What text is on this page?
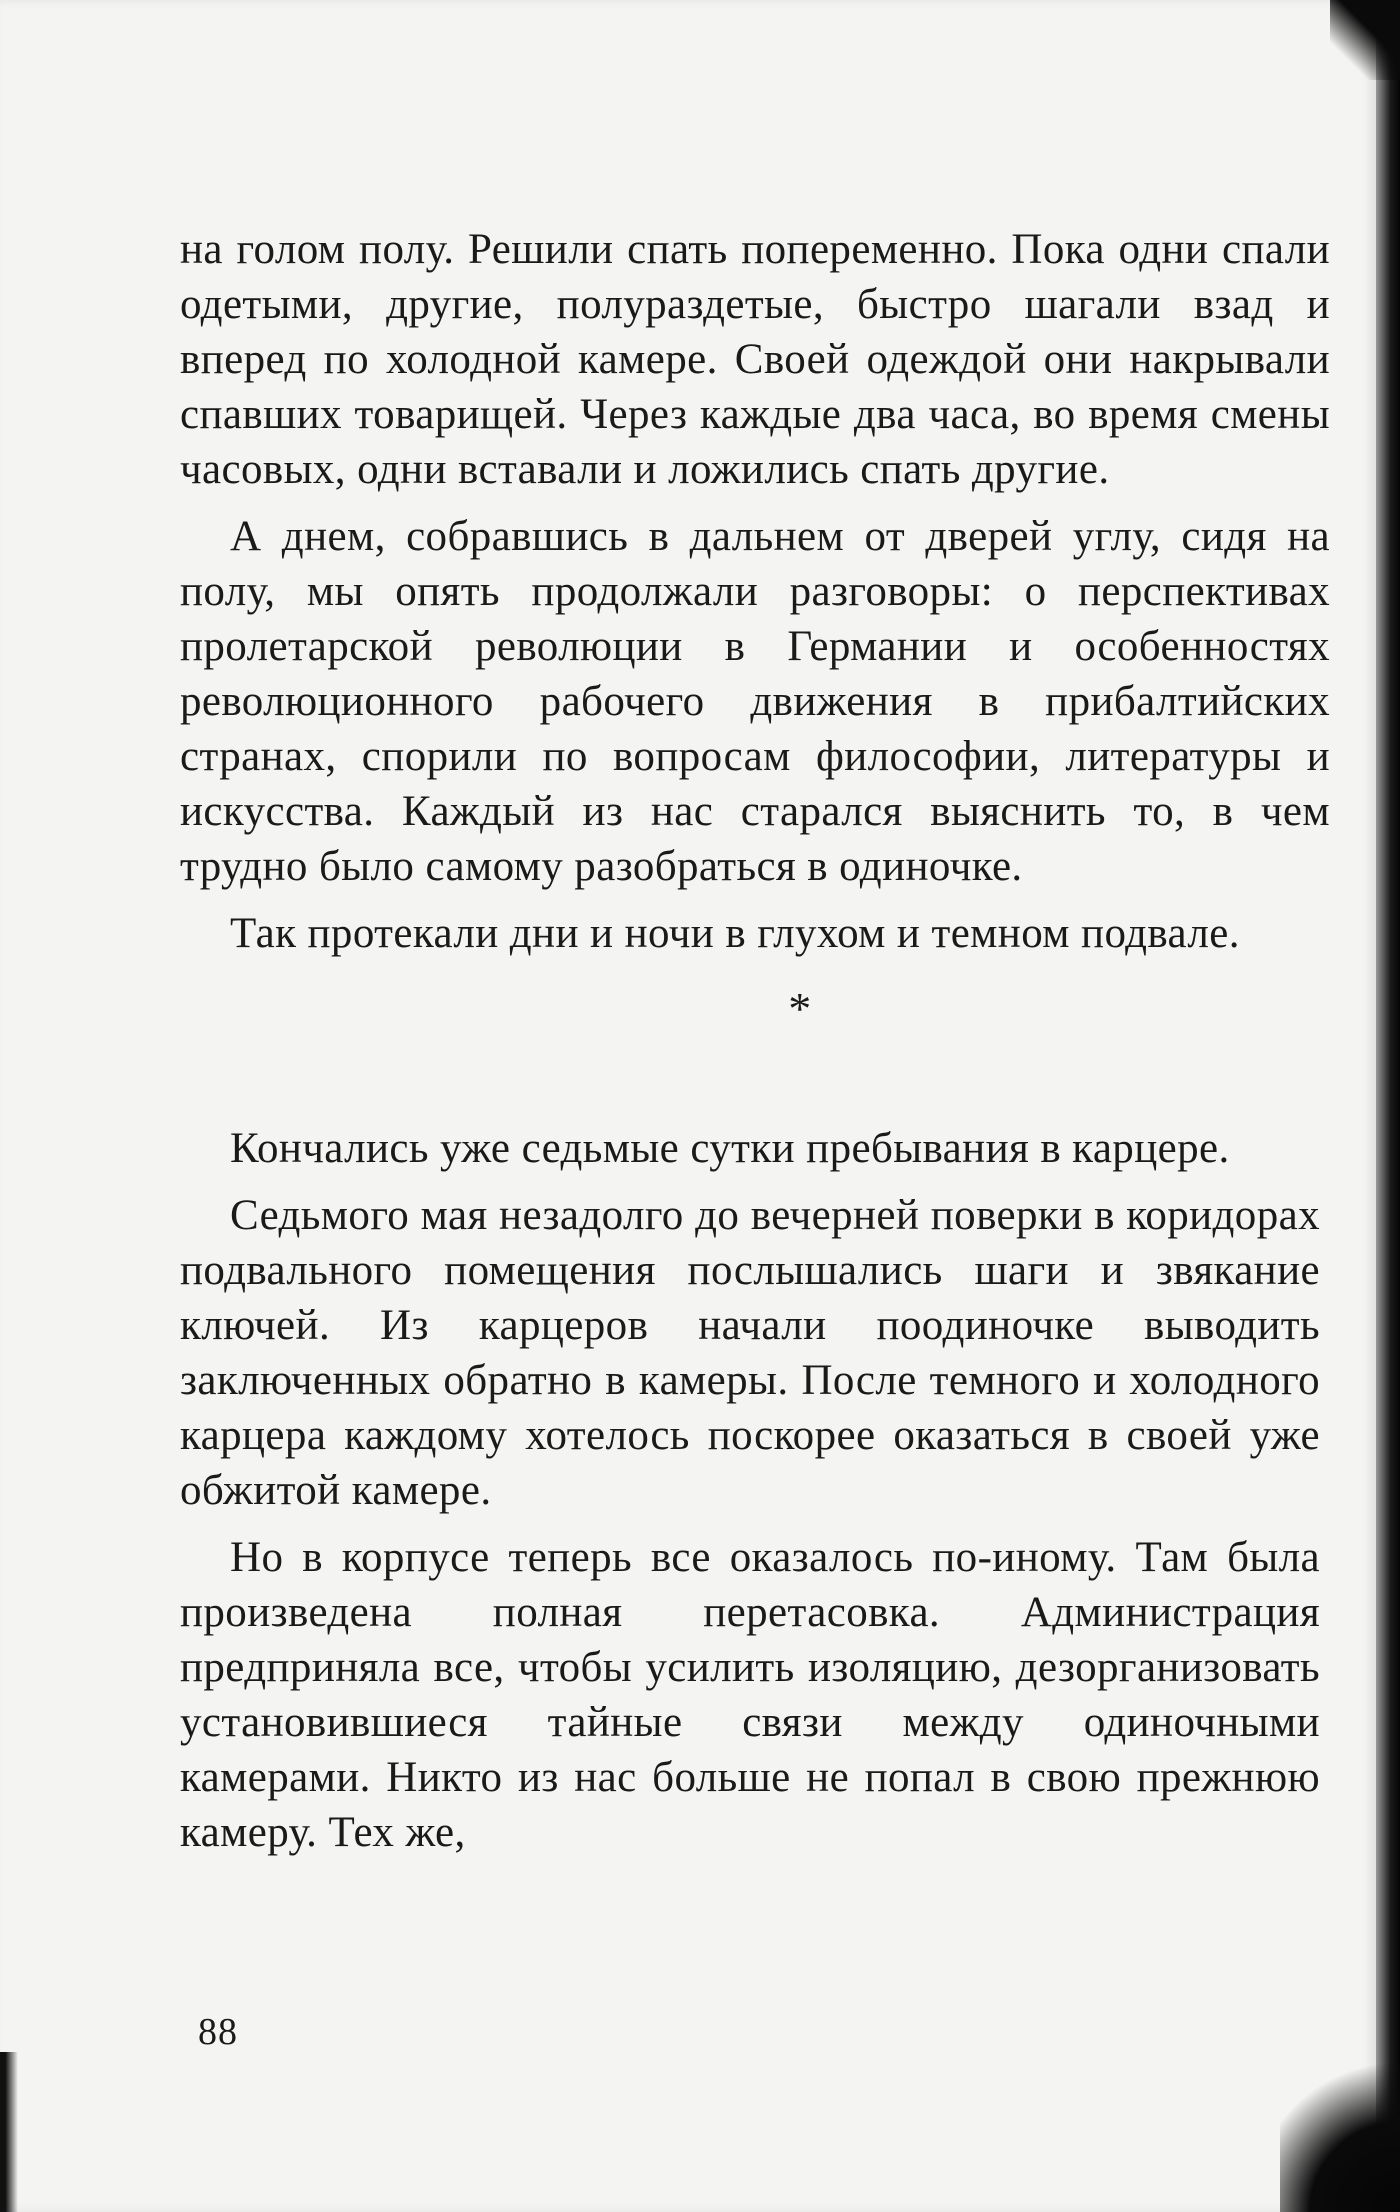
на голом полу. Решили спать попеременно. Пока одни спали одетыми, другие, полураздетые, быстро шагали взад и вперед по холодной камере. Своей одеждой они накрывали спавших товарищей. Через каждые два часа, во время смены часовых, одни вставали и ложились спать другие.

А днем, собравшись в дальнем от дверей углу, сидя на полу, мы опять продолжали разговоры: о перспективах пролетарской революции в Германии и особенностях революционного рабочего движения в прибалтийских странах, спорили по вопросам философии, литературы и искусства. Каждый из нас старался выяснить то, в чем трудно было самому разобраться в одиночке.

Так протекали дни и ночи в глухом и темном подвале.

*

Кончались уже седьмые сутки пребывания в карцере.

Седьмого мая незадолго до вечерней поверки в коридорах подвального помещения послышались шаги и звякание ключей. Из карцеров начали поодиночке выводить заключенных обратно в камеры. После темного и холодного карцера каждому хотелось поскорее оказаться в своей уже обжитой камере.

Но в корпусе теперь все оказалось по-иному. Там была произведена полная перетасовка. Администрация предприняла все, чтобы усилить изоляцию, дезорганизовать установившиеся тайные связи между одиночными камерами. Никто из нас больше не попал в свою прежнюю камеру. Тех же,

88
